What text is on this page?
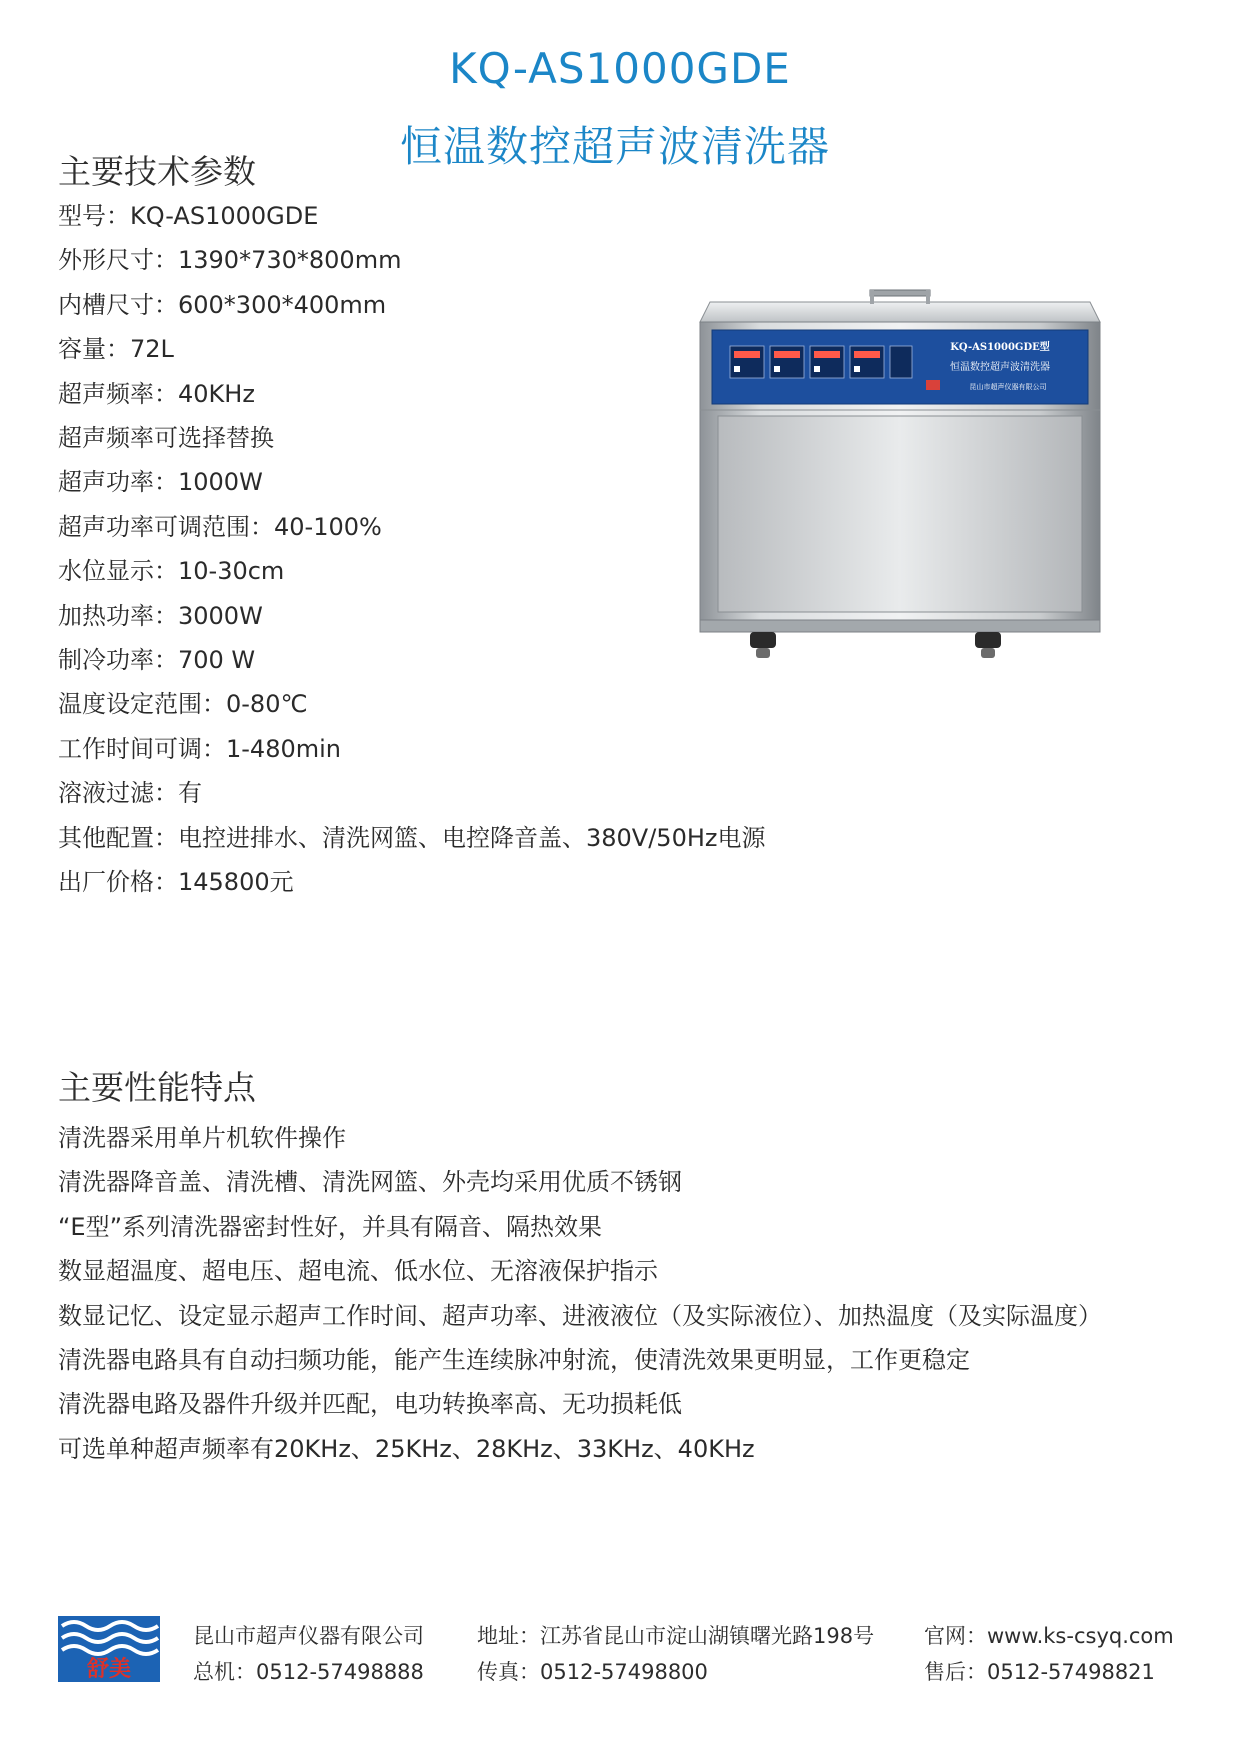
KQ-AS1000GDE
恒温数控超声波清洗器
主要技术参数
型号：KQ-AS1000GDE
外形尺寸：1390*730*800mm
内槽尺寸：600*300*400mm
容量：72L
超声频率：40KHz
超声频率可选择替换
超声功率：1000W
超声功率可调范围：40-100%
水位显示：10-30cm
加热功率：3000W
制冷功率：700 W
温度设定范围：0-80℃
工作时间可调：1-480min
溶液过滤：有
其他配置：电控进排水、清洗网篮、电控降音盖、380V/50Hz电源
出厂价格：145800元
KQ-AS1000GDE型
恒温数控超声波清洗器
昆山市超声仪器有限公司
主要性能特点
清洗器采用单片机软件操作
清洗器降音盖、清洗槽、清洗网篮、外壳均采用优质不锈钢
“E型”系列清洗器密封性好，并具有隔音、隔热效果
数显超温度、超电压、超电流、低水位、无溶液保护指示
数显记忆、设定显示超声工作时间、超声功率、进液液位（及实际液位）、加热温度（及实际温度）
清洗器电路具有自动扫频功能，能产生连续脉冲射流，使清洗效果更明显，工作更稳定
清洗器电路及器件升级并匹配，电功转换率高、无功损耗低
可选单种超声频率有20KHz、25KHz、28KHz、33KHz、40KHz
舒美
昆山市超声仪器有限公司
总机：0512-57498888
地址：江苏省昆山市淀山湖镇曙光路198号
传真：0512-57498800
官网：www.ks-csyq.com
售后：0512-57498821
